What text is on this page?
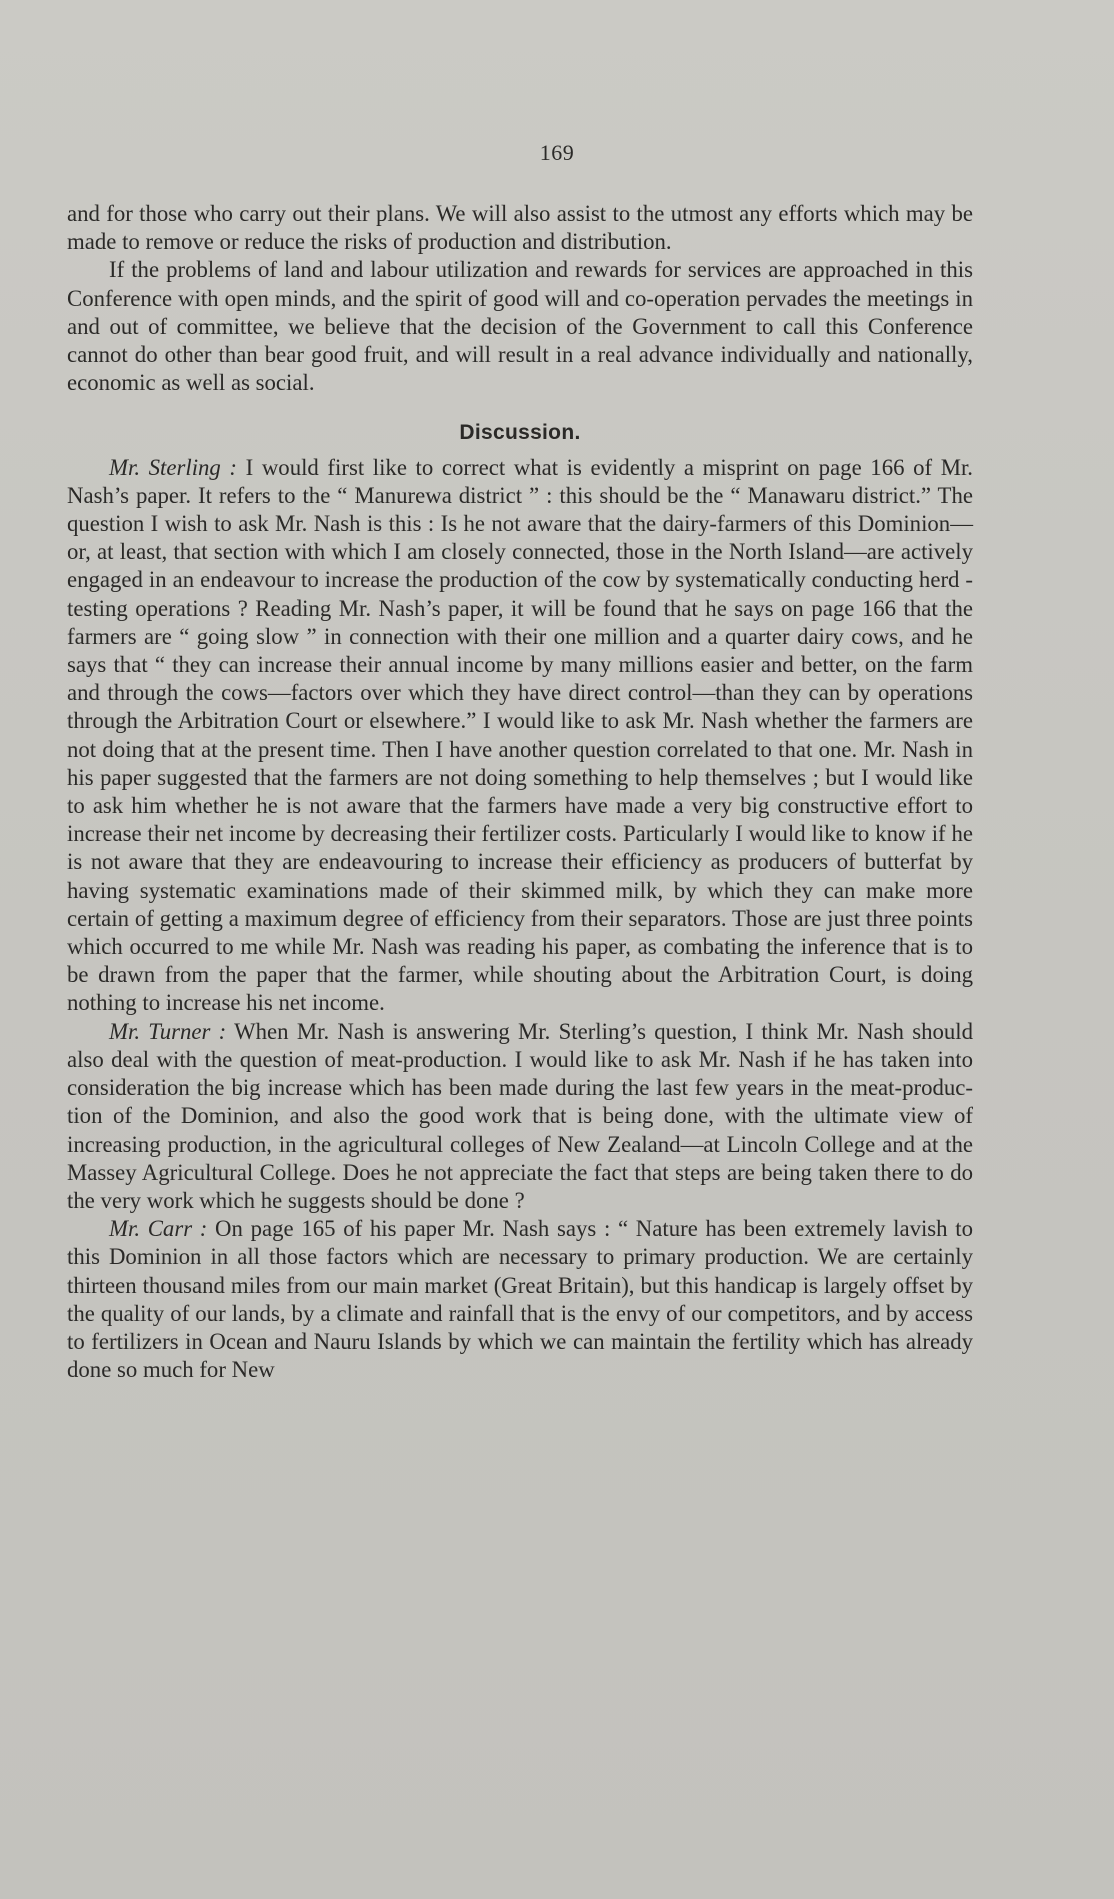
169

and for those who carry out their plans. We will also assist to the utmost any efforts which may be made to remove or reduce the risks of production and distribution.

If the problems of land and labour utilization and rewards for services are approached in this Conference with open minds, and the spirit of good will and co-operation pervades the meetings in and out of committee, we believe that the decision of the Government to call this Conference cannot do other than bear good fruit, and will result in a real advance individually and nationally, economic as well as social.

Discussion.

Mr. Sterling : I would first like to correct what is evidently a misprint on page 166 of Mr. Nash’s paper. It refers to the “ Manurewa district ” : this should be the “ Manawaru district.” The question I wish to ask Mr. Nash is this : Is he not aware that the dairy-farmers of this Dominion—or, at least, that section with which I am closely connected, those in the North Island—are actively engaged in an endeavour to increase the production of the cow by systematically conducting herd - testing operations ? Reading Mr. Nash’s paper, it will be found that he says on page 166 that the farmers are “ going slow ” in connection with their one million and a quarter dairy cows, and he says that “ they can increase their annual income by many millions easier and better, on the farm and through the cows—factors over which they have direct control—than they can by operations through the Arbitration Court or elsewhere.” I would like to ask Mr. Nash whether the farmers are not doing that at the present time. Then I have another question correlated to that one. Mr. Nash in his paper suggested that the farmers are not doing something to help themselves ; but I would like to ask him whether he is not aware that the farmers have made a very big constructive effort to increase their net income by decreasing their fertilizer costs. Particularly I would like to know if he is not aware that they are endeavouring to increase their efficiency as producers of butterfat by having systematic examinations made of their skimmed milk, by which they can make more certain of getting a maximum degree of efficiency from their separators. Those are just three points which occurred to me while Mr. Nash was reading his paper, as combating the inference that is to be drawn from the paper that the farmer, while shouting about the Arbitration Court, is doing nothing to increase his net income.

Mr. Turner : When Mr. Nash is answering Mr. Sterling’s question, I think Mr. Nash should also deal with the question of meat-production. I would like to ask Mr. Nash if he has taken into consideration the big increase which has been made during the last few years in the meat-production of the Dominion, and also the good work that is being done, with the ultimate view of increasing production, in the agricultural colleges of New Zealand—at Lincoln College and at the Massey Agricultural College. Does he not appreciate the fact that steps are being taken there to do the very work which he suggests should be done ?

Mr. Carr : On page 165 of his paper Mr. Nash says : “ Nature has been extremely lavish to this Dominion in all those factors which are necessary to primary production. We are certainly thirteen thousand miles from our main market (Great Britain), but this handicap is largely offset by the quality of our lands, by a climate and rainfall that is the envy of our competitors, and by access to fertilizers in Ocean and Nauru Islands by which we can maintain the fertility which has already done so much for New
